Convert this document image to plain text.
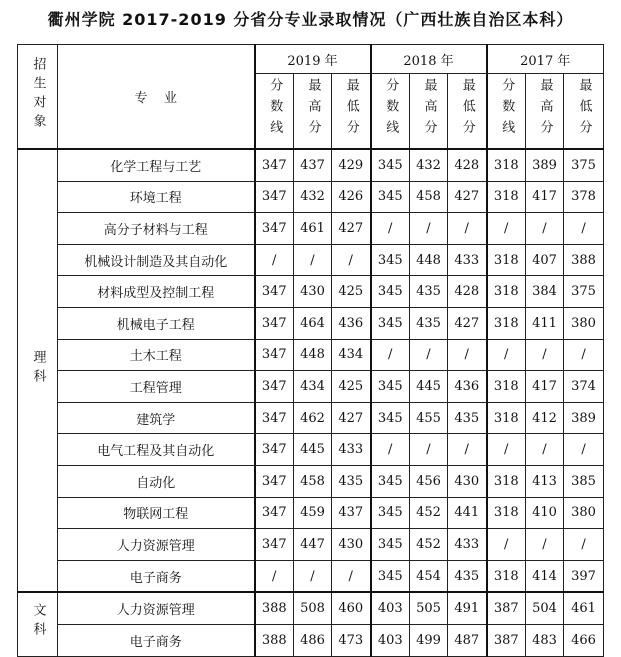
衢州学院 2017-2019 分省分专业录取情况（广西壮族自治区本科）
招生对象	专    业	2019 年			2018 年			2017 年		
		分数线	最高分	最低分	分数线	最高分	最低分	分数线	最高分	最低分
理科	化学工程与工艺	347	437	429	345	432	428	318	389	375
	环境工程	347	432	426	345	458	427	318	417	378
	高分子材料与工程	347	461	427	/	/	/	/	/	/
	机械设计制造及其自动化	/	/	/	345	448	433	318	407	388
	材料成型及控制工程	347	430	425	345	435	428	318	384	375
	机械电子工程	347	464	436	345	435	427	318	411	380
	土木工程	347	448	434	/	/	/	/	/	/
	工程管理	347	434	425	345	445	436	318	417	374
	建筑学	347	462	427	345	455	435	318	412	389
	电气工程及其自动化	347	445	433	/	/	/	/	/	/
	自动化	347	458	435	345	456	430	318	413	385
	物联网工程	347	459	437	345	452	441	318	410	380
	人力资源管理	347	447	430	345	452	433	/	/	/
	电子商务	/	/	/	345	454	435	318	414	397
文科	人力资源管理	388	508	460	403	505	491	387	504	461
	电子商务	388	486	473	403	499	487	387	483	466
